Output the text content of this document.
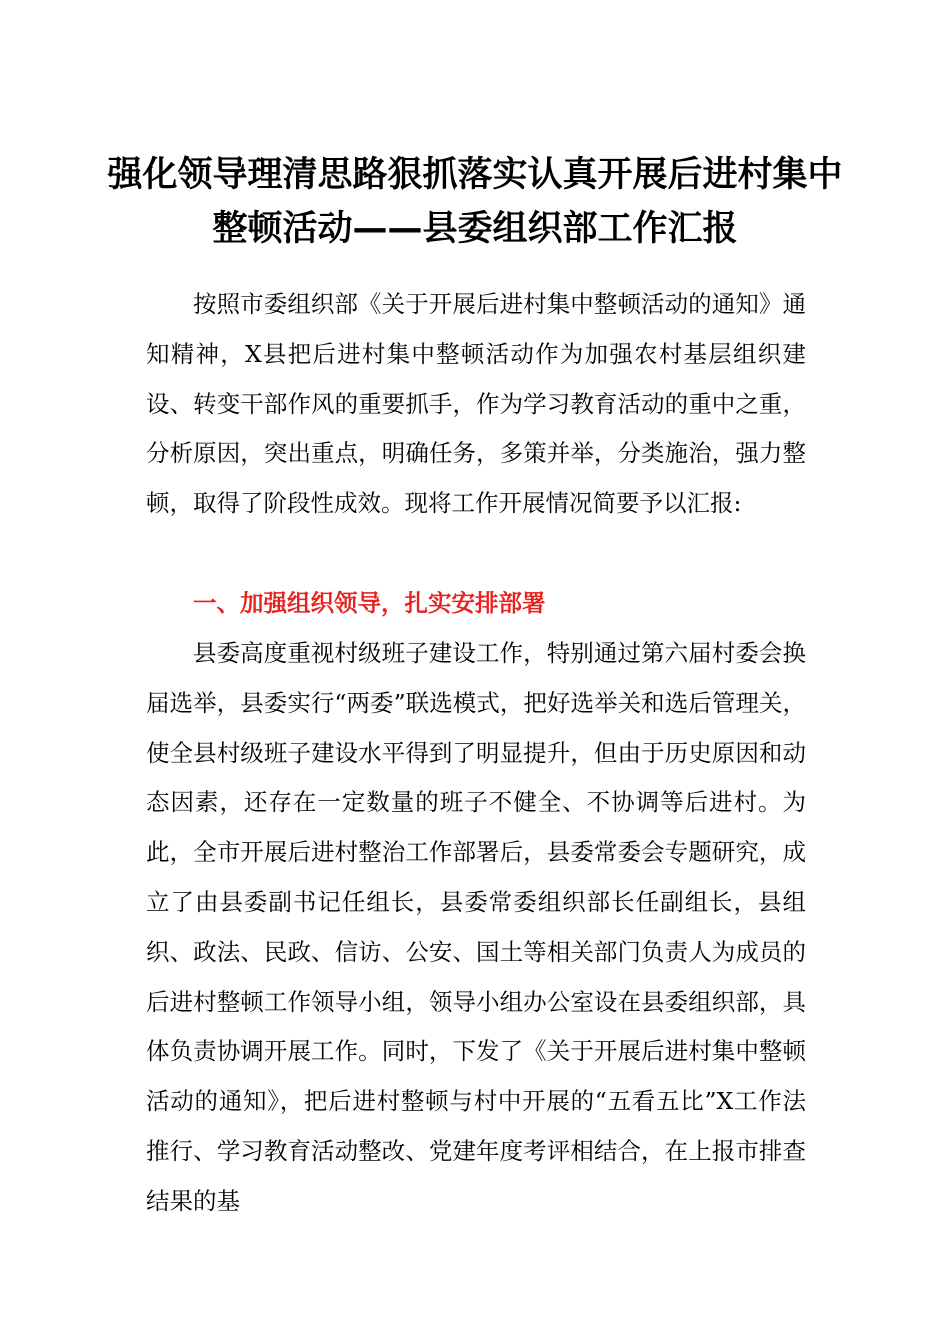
强化领导理清思路狠抓落实认真开展后进村集中整顿活动——县委组织部工作汇报

按照市委组织部《关于开展后进村集中整顿活动的通知》通知精神，X县把后进村集中整顿活动作为加强农村基层组织建设、转变干部作风的重要抓手，作为学习教育活动的重中之重，分析原因，突出重点，明确任务，多策并举，分类施治，强力整顿，取得了阶段性成效。现将工作开展情况简要予以汇报:

一、加强组织领导，扎实安排部署

县委高度重视村级班子建设工作，特别通过第六届村委会换届选举，县委实行“两委”联选模式，把好选举关和选后管理关，使全县村级班子建设水平得到了明显提升，但由于历史原因和动态因素，还存在一定数量的班子不健全、不协调等后进村。为此，全市开展后进村整治工作部署后，县委常委会专题研究，成立了由县委副书记任组长，县委常委组织部长任副组长，县组织、政法、民政、信访、公安、国土等相关部门负责人为成员的后进村整顿工作领导小组，领导小组办公室设在县委组织部，具体负责协调开展工作。同时，下发了《关于开展后进村集中整顿活动的通知》，把后进村整顿与村中开展的“五看五比”X工作法推行、学习教育活动整改、党建年度考评相结合，在上报市排查结果的基
